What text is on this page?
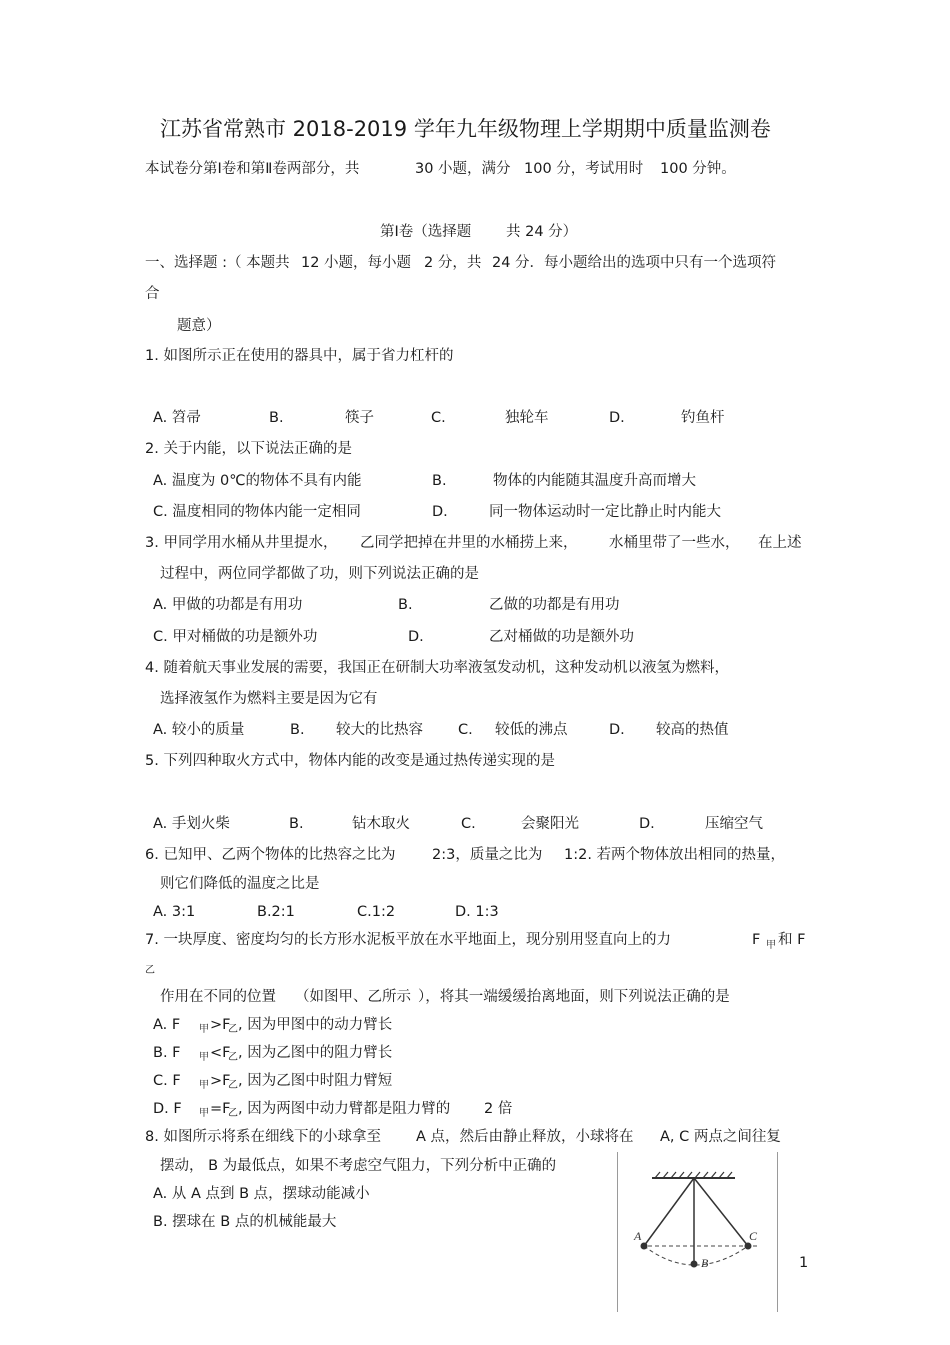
江苏省常熟市 2018-2019 学年九年级物理上学期期中质量监测卷
本试卷分第Ⅰ卷和第Ⅱ卷两部分，共	30 小题，满分 100 分，考试用时 100 分钟。
第Ⅰ卷（选择题 共 24 分）
一、选择题 :（ 本题共 12 小题，每小题 2 分，共 24 分．每小题给出的选项中只有一个选项符
合
题意）
1. 如图所示正在使用的器具中，属于省力杠杆的
A. 笤帚	B.	筷子	C.	独轮车	D.	钓鱼杆
2. 关于内能，以下说法正确的是
A. 温度为 0℃的物体不具有内能	B.	物体的内能随其温度升高而增大
C. 温度相同的物体内能一定相同	D.	同一物体运动时一定比静止时内能大
3. 甲同学用水桶从井里提水， 乙同学把掉在井里的水桶捞上来， 水桶里带了一些水， 在上述
过程中，两位同学都做了功，则下列说法正确的是
A. 甲做的功都是有用功	B.	乙做的功都是有用功
C. 甲对桶做的功是额外功	D.	乙对桶做的功是额外功
4. 随着航天事业发展的需要，我国正在研制大功率液氢发动机，这种发动机以液氢为燃料，
选择液氢作为燃料主要是因为它有
A. 较小的质量	B. 较大的比热容 C. 较低的沸点	D. 较高的热值
5. 下列四种取火方式中，物体内能的改变是通过热传递实现的是
A. 手划火柴	B.	钻木取火	C.	会聚阳光	D.	压缩空气
6. 已知甲、乙两个物体的比热容之比为	2:3，质量之比为 1:2. 若两个物体放出相同的热量，
则它们降低的温度之比是
A. 3:1	B.2:1	C.1:2	D. 1:3
7. 一块厚度、密度均匀的长方形水泥板平放在水平地面上，现分别用竖直向上的力	F 甲 和 F
乙
作用在不同的位置 （如图甲、乙所示 ），将其一端缓缓抬离地面，则下列说法正确的是
A. F 甲 >F
乙 , 因为甲图中的动力臂长
B. F 甲 <F
乙 , 因为乙图中的阻力臂长
C. F 甲 >F
乙 , 因为乙图中时阻力臂短
D. F 甲 =F
乙 , 因为两图中动力臂都是阻力臂的 2 倍
8. 如图所示将系在细线下的小球拿至 A 点，然后由静止释放，小球将在 A, C 两点之间往复
摆动， B 为最低点，如果不考虑空气阻力，下列分析中正确的
A. 从 A 点到 B 点，摆球动能减小
B. 摆球在 B 点的机械能最大
A
B
C
1
